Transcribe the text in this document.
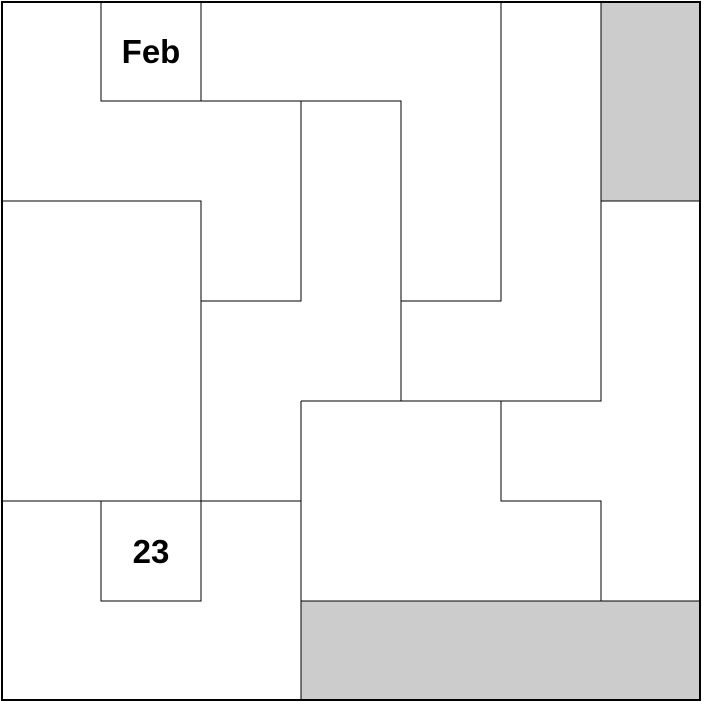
Feb
23
